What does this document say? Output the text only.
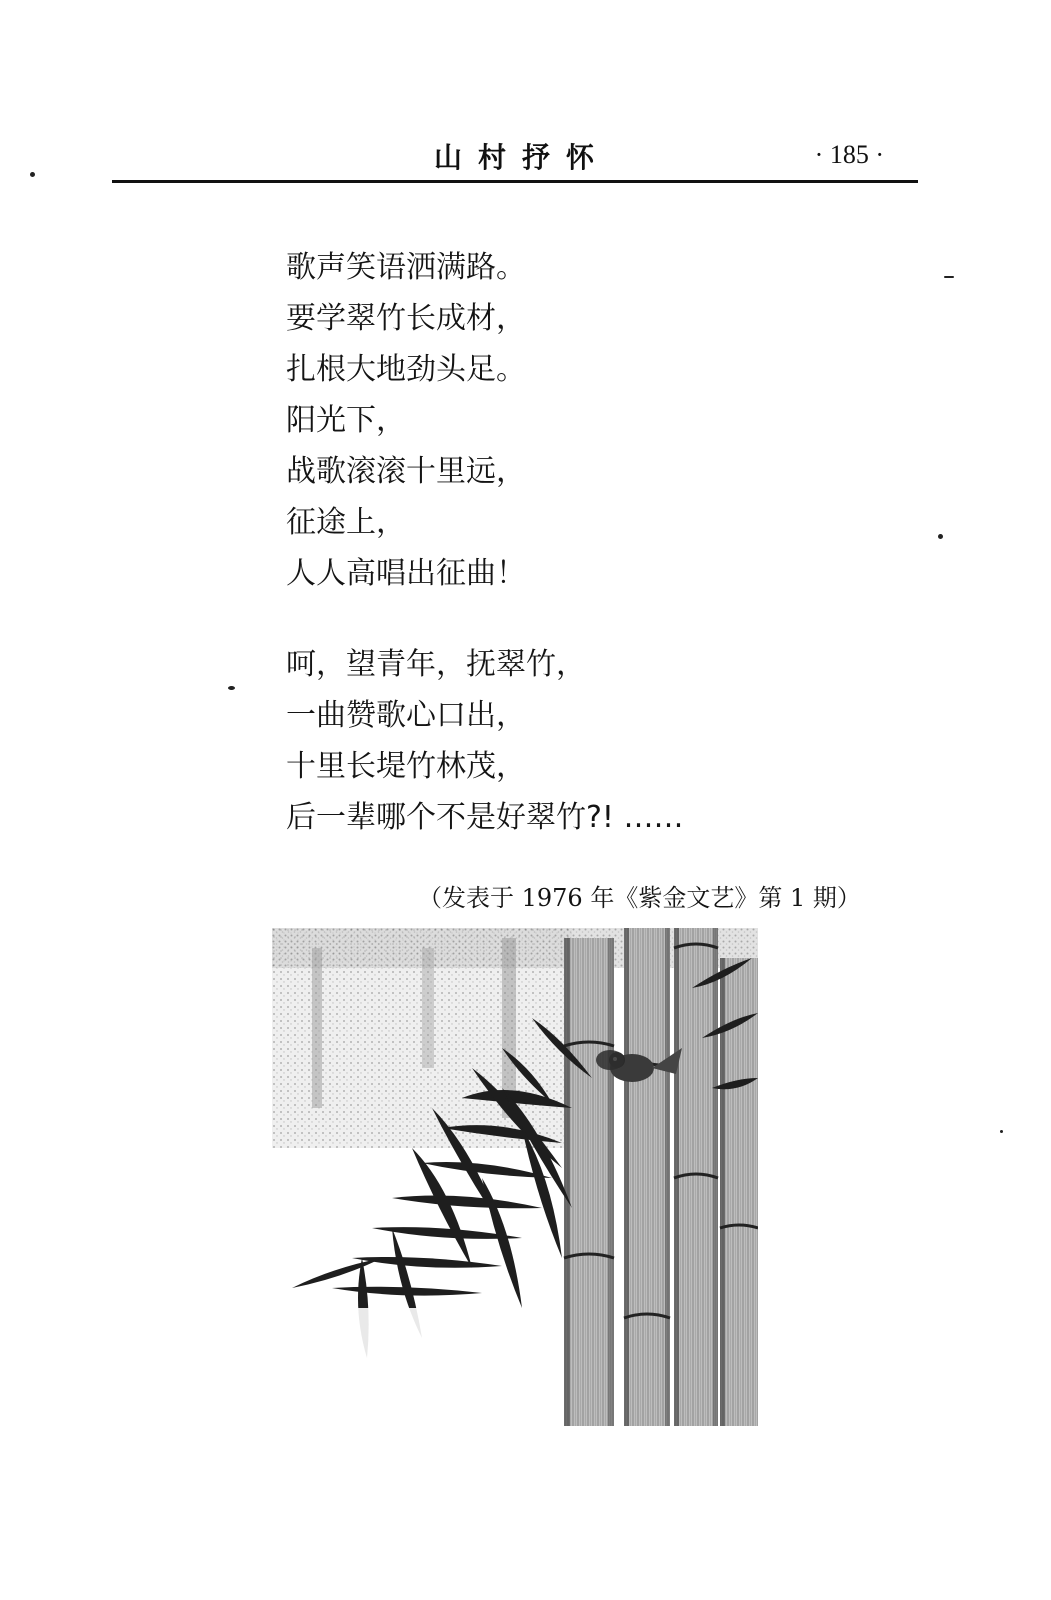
山村抒怀	· 185 ·
歌声笑语洒满路。
要学翠竹长成材，
扎根大地劲头足。
阳光下，
战歌滚滚十里远，
征途上，
人人高唱出征曲！
呵，望青年，抚翠竹，
一曲赞歌心口出，
十里长堤竹林茂，
后一辈哪个不是好翠竹?! ……
（发表于 1976 年《紫金文艺》第 1 期）
